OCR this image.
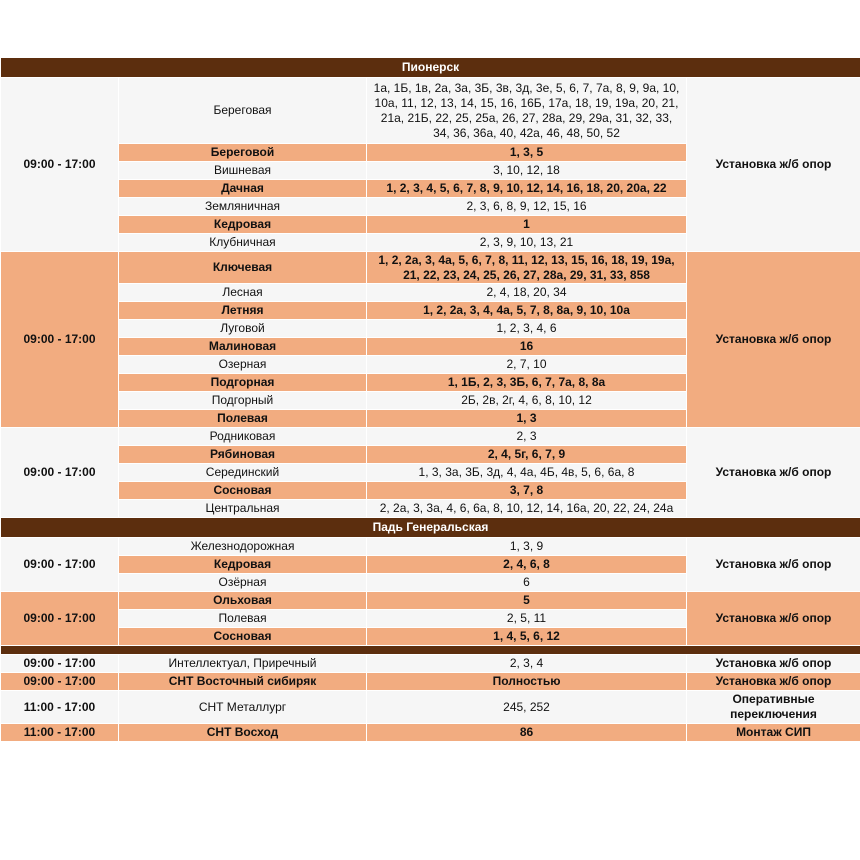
Пионерск			
09:00 - 17:00	Береговая	1а, 1Б, 1в, 2а, 3а, 3Б, 3в, 3д, 3е, 5, 6, 7, 7а, 8, 9, 9а, 10, 10а, 11, 12, 13, 14, 15, 16, 16Б, 17а, 18, 19, 19а, 20, 21, 21а, 21Б, 22, 25, 25а, 26, 27, 28а, 29, 29а, 31, 32, 33, 34, 36, 36а, 40, 42а, 46, 48, 50, 52	Установка ж/б опор
	Береговой	1, 3, 5	
	Вишневая	3, 10, 12, 18	
	Дачная	1, 2, 3, 4, 5, 6, 7, 8, 9, 10, 12, 14, 16, 18, 20, 20а, 22	
	Земляничная	2, 3, 6, 8, 9, 12, 15, 16	
	Кедровая	1	
	Клубничная	2, 3, 9, 10, 13, 21	
09:00 - 17:00	Ключевая	1, 2, 2а, 3, 4а, 5, 6, 7, 8, 11, 12, 13, 15, 16, 18, 19, 19а, 21, 22, 23, 24, 25, 26, 27, 28а, 29, 31, 33, 858	Установка ж/б опор
	Лесная	2, 4, 18, 20, 34	
	Летняя	1, 2, 2а, 3, 4, 4а, 5, 7, 8, 8а, 9, 10, 10а	
	Луговой	1, 2, 3, 4, 6	
	Малиновая	16	
	Озерная	2, 7, 10	
	Подгорная	1, 1Б, 2, 3, 3Б, 6, 7, 7а, 8, 8а	
	Подгорный	2Б, 2в, 2г, 4, 6, 8, 10, 12	
	Полевая	1, 3	
09:00 - 17:00	Родниковая	2, 3	Установка ж/б опор
	Рябиновая	2, 4, 5г, 6, 7, 9	
	Серединский	1, 3, 3а, 3Б, 3д, 4, 4а, 4Б, 4в, 5, 6, 6а, 8	
	Сосновая	3, 7, 8	
	Центральная	2, 2а, 3, 3а, 4, 6, 6а, 8, 10, 12, 14, 16а, 20, 22, 24, 24а	
Падь Генеральская			
09:00 - 17:00	Железнодорожная	1, 3, 9	Установка ж/б опор
	Кедровая	2, 4, 6, 8	
	Озёрная	6	
09:00 - 17:00	Ольховая	5	Установка ж/б опор
	Полевая	2, 5, 11	
	Сосновая	1, 4, 5, 6, 12	

09:00 - 17:00	Интеллектуал, Приречный	2, 3, 4	Установка ж/б опор
09:00 - 17:00	СНТ Восточный сибиряк	Полностью	Установка ж/б опор
11:00 - 17:00	СНТ Металлург	245, 252	Оперативные переключения
11:00 - 17:00	СНТ Восход	86	Монтаж СИП
